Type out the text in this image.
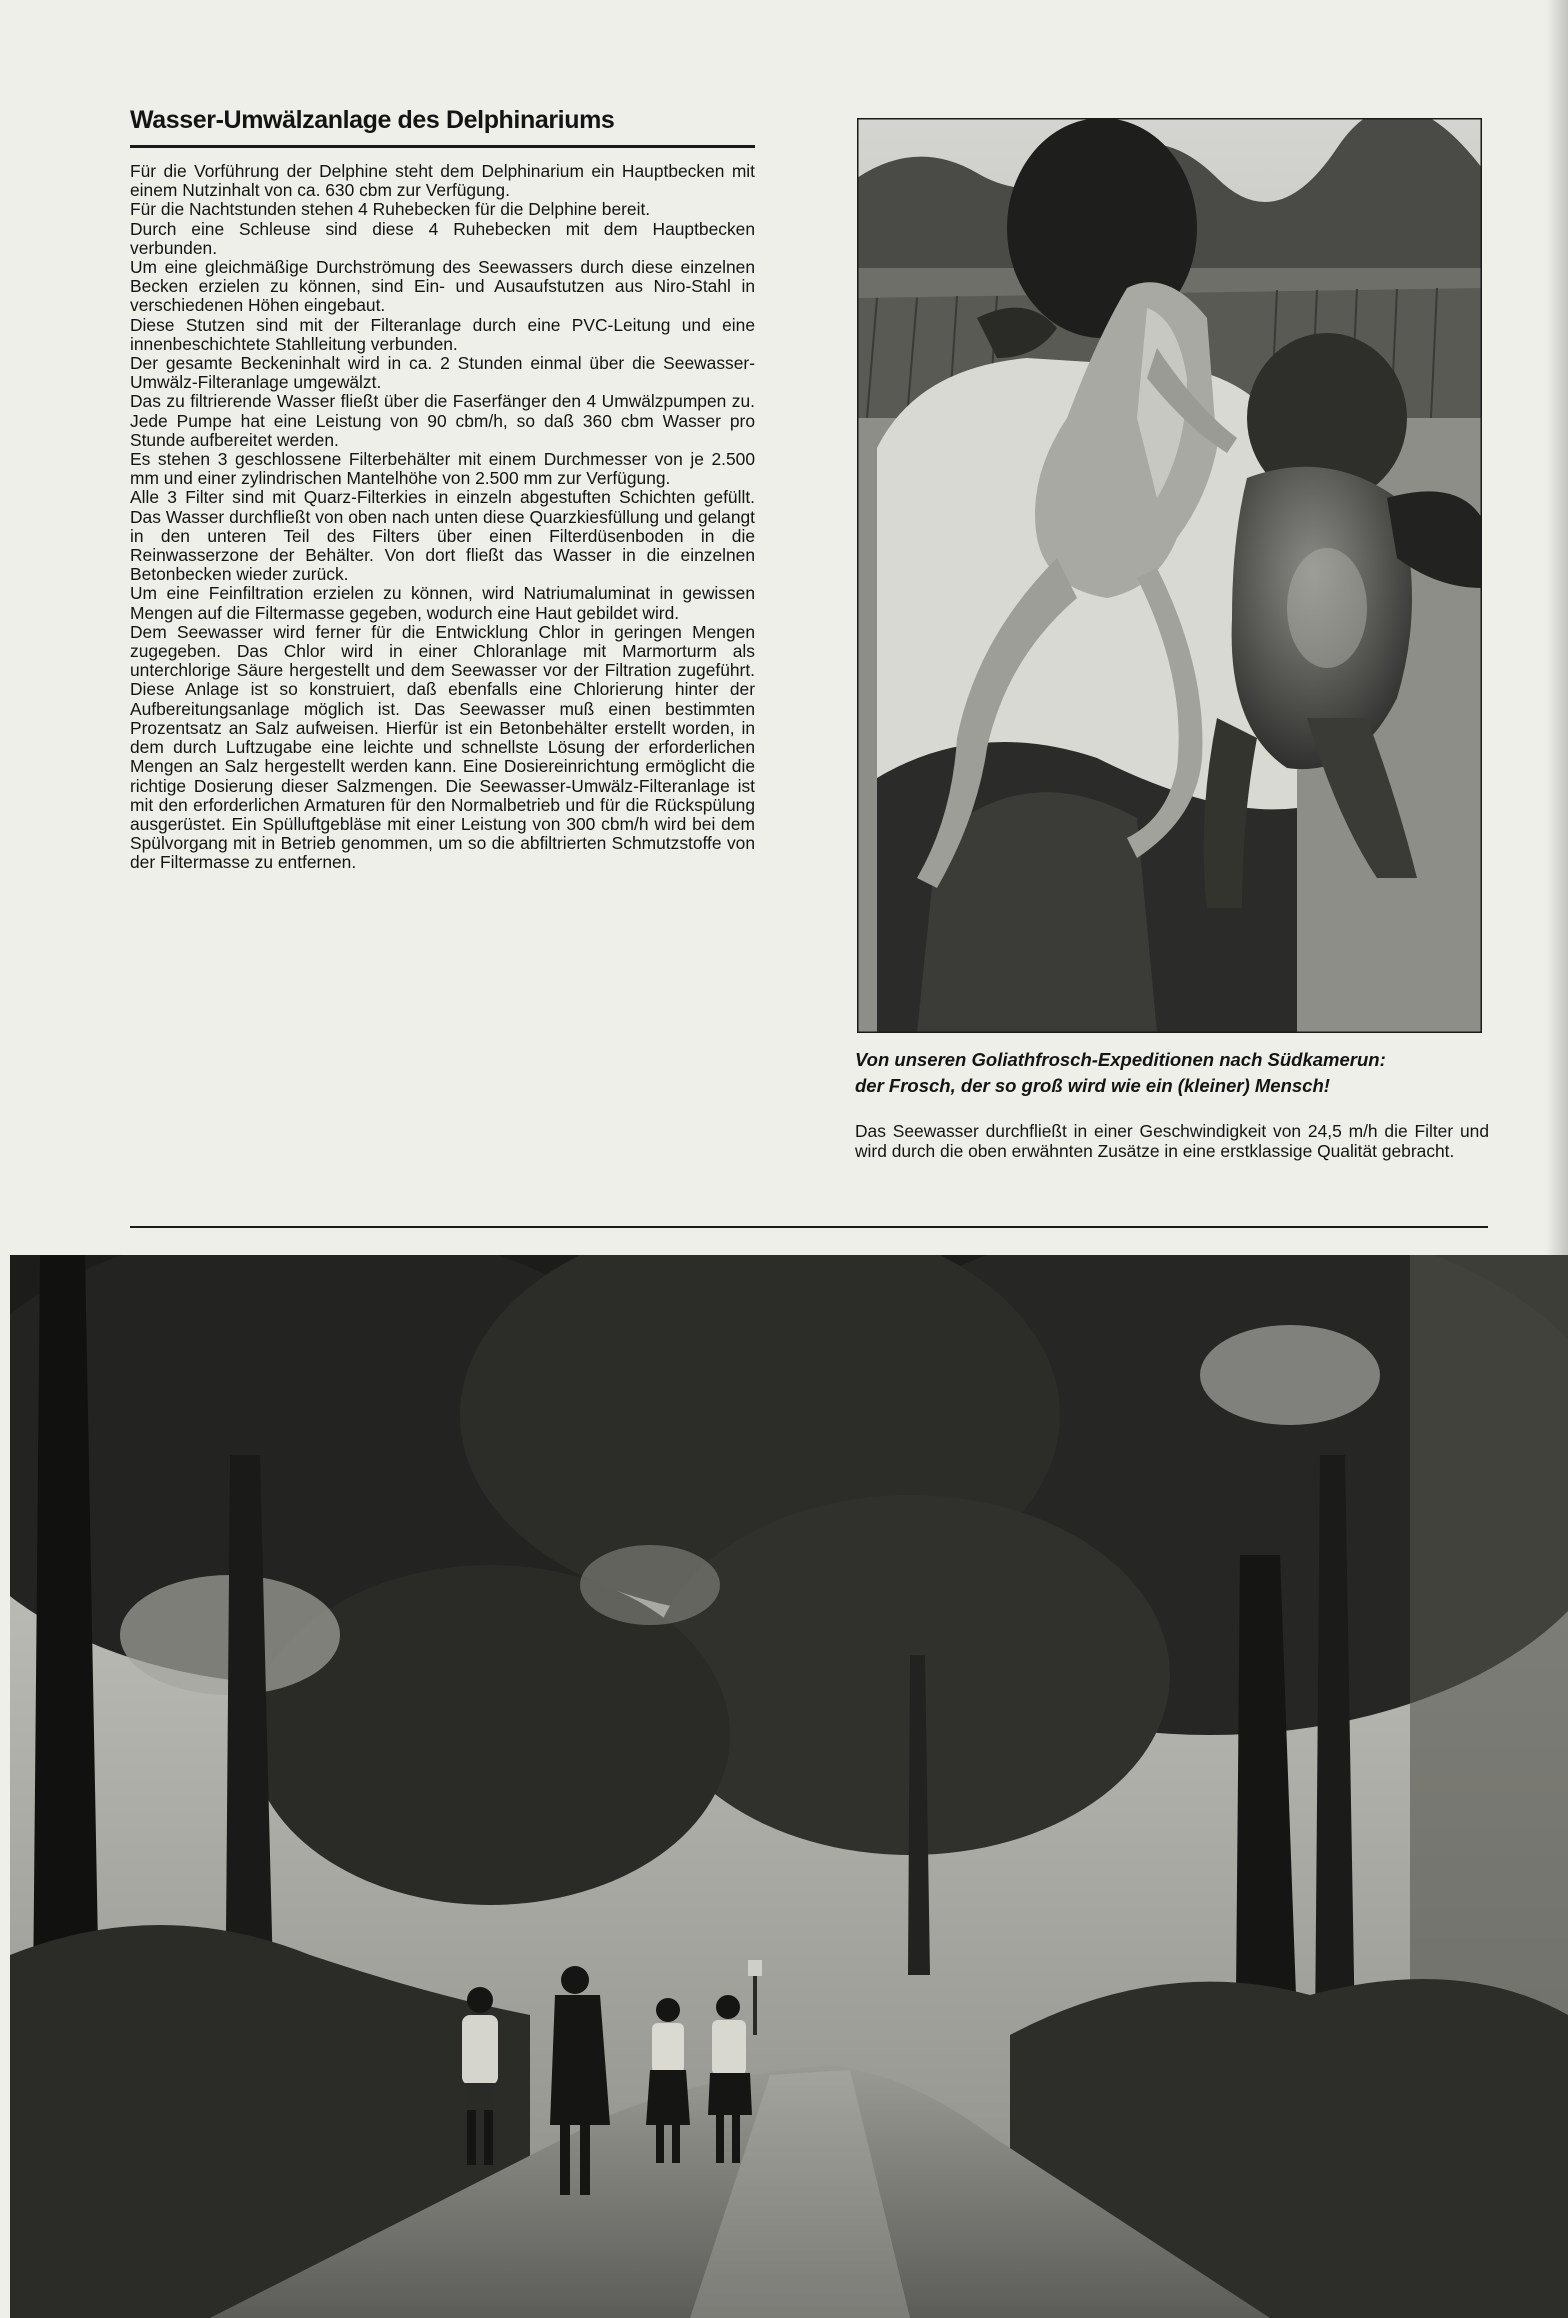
Wasser-Umwälzanlage des Delphinariums

Für die Vorführung der Delphine steht dem Delphinarium ein Hauptbecken mit einem Nutzinhalt von ca. 630 cbm zur Verfügung.

Für die Nachtstunden stehen 4 Ruhebecken für die Delphine bereit.

Durch eine Schleuse sind diese 4 Ruhebecken mit dem Hauptbecken verbunden.

Um eine gleichmäßige Durchströmung des Seewassers durch diese einzelnen Becken erzielen zu können, sind Ein- und Ausaufstutzen aus Niro-Stahl in verschiedenen Höhen eingebaut.

Diese Stutzen sind mit der Filteranlage durch eine PVC-Leitung und eine innenbeschichtete Stahlleitung verbunden.

Der gesamte Beckeninhalt wird in ca. 2 Stunden einmal über die Seewasser-Umwälz-Filteranlage umgewälzt.

Das zu filtrierende Wasser fließt über die Faserfänger den 4 Umwälzpumpen zu. Jede Pumpe hat eine Leistung von 90 cbm/h, so daß 360 cbm Wasser pro Stunde aufbereitet werden.

Es stehen 3 geschlossene Filterbehälter mit einem Durchmesser von je 2.500 mm und einer zylindrischen Mantelhöhe von 2.500 mm zur Verfügung.

Alle 3 Filter sind mit Quarz-Filterkies in einzeln abgestuften Schichten gefüllt. Das Wasser durchfließt von oben nach unten diese Quarzkiesfüllung und gelangt in den unteren Teil des Filters über einen Filterdüsenboden in die Reinwasserzone der Behälter. Von dort fließt das Wasser in die einzelnen Betonbecken wieder zurück.

Um eine Feinfiltration erzielen zu können, wird Natriumaluminat in gewissen Mengen auf die Filtermasse gegeben, wodurch eine Haut gebildet wird.

Dem Seewasser wird ferner für die Entwicklung Chlor in geringen Mengen zugegeben. Das Chlor wird in einer Chloranlage mit Marmorturm als unterchlorige Säure hergestellt und dem Seewasser vor der Filtration zugeführt. Diese Anlage ist so konstruiert, daß ebenfalls eine Chlorierung hinter der Aufbereitungsanlage möglich ist. Das Seewasser muß einen bestimmten Prozentsatz an Salz aufweisen. Hierfür ist ein Betonbehälter erstellt worden, in dem durch Luftzugabe eine leichte und schnellste Lösung der erforderlichen Mengen an Salz hergestellt werden kann. Eine Dosiereinrichtung ermöglicht die richtige Dosierung dieser Salzmengen. Die Seewasser-Umwälz-Filteranlage ist mit den erforderlichen Armaturen für den Normalbetrieb und für die Rückspülung ausgerüstet. Ein Spülluftgebläse mit einer Leistung von 300 cbm/h wird bei dem Spülvorgang mit in Betrieb genommen, um so die abfiltrierten Schmutzstoffe von der Filtermasse zu entfernen.

Von unseren Goliathfrosch-Expeditionen nach Südkamerun:
der Frosch, der so groß wird wie ein (kleiner) Mensch!
Das Seewasser durchfließt in einer Geschwindigkeit von 24,5 m/h die Filter und wird durch die oben erwähnten Zusätze in eine erstklassige Qualität gebracht.
